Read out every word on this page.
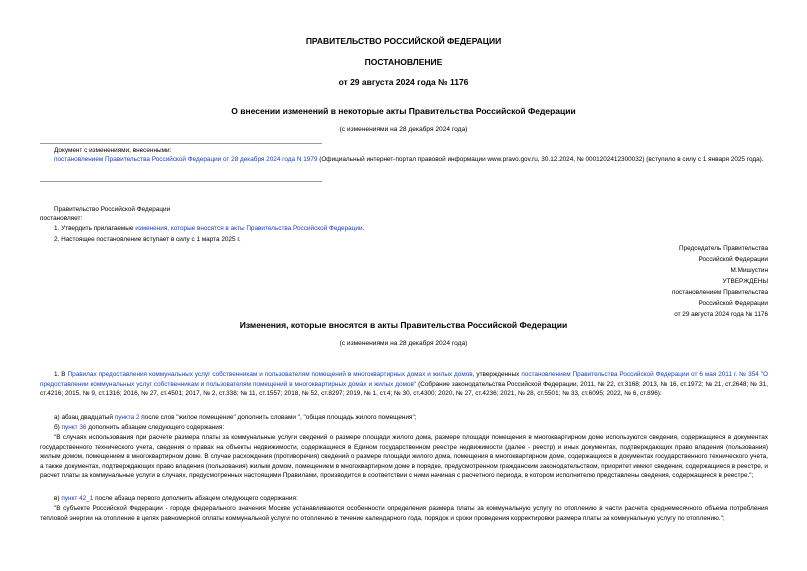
ПРАВИТЕЛЬСТВО РОССИЙСКОЙ ФЕДЕРАЦИИ
ПОСТАНОВЛЕНИЕ
от 29 августа 2024 года № 1176
О внесении изменений в некоторые акты Правительства Российской Федерации
(с изменениями на 28 декабря 2024 года)
Документ с изменениями, внесенными:
постановлением Правительства Российской Федерации от 28 декабря 2024 года N 1979 (Официальный интернет-портал правовой информации www.pravo.gov.ru, 30.12.2024, № 0001202412300032) (вступило в силу с 1 января 2025 года).
Правительство Российской Федерации
постановляет:
1. Утвердить прилагаемые изменения, которые вносятся в акты Правительства Российской Федерации.
2. Настоящее постановление вступает в силу с 1 марта 2025 г.
Председатель Правительства
Российской Федерации
М.Мишустин
УТВЕРЖДЕНЫ
постановлением Правительства
Российской Федерации
от 29 августа 2024 года № 1176
Изменения, которые вносятся в акты Правительства Российской Федерации
(с изменениями на 28 декабря 2024 года)
1. В Правилах предоставления коммунальных услуг собственникам и пользователям помещений в многоквартирных домах и жилых домов, утвержденных постановлением Правительства Российской Федерации от 6 мая 2011 г. № 354 "О предоставлении коммунальных услуг собственникам и пользователям помещений в многоквартирных домах и жилых домов" (Собрание законодательства Российской Федерации, 2011, № 22, ст.3168; 2013, № 16, ст.1972; № 21, ст.2648; № 31, ст.4216; 2015, № 9, ст.1316; 2016, № 27, ст.4501; 2017, № 2, ст.338; № 11, ст.1557; 2018, № 52, ст.8297; 2019, № 1, ст.4; № 30, ст.4300; 2020, № 27, ст.4236; 2021, № 28, ст.5501; № 33, ст.6095; 2022, № 6, ст.896):
а) абзац двадцатый пункта 2 после слов "жилое помещение" дополнить словами ", "общая площадь жилого помещения";
б) пункт 36 дополнить абзацем следующего содержания:
"В случаях использования при расчете размера платы за коммунальные услуги сведений о размере площади жилого дома, размере площади помещения в многоквартирном доме используются сведения, содержащиеся в документах государственного технического учета, сведения о правах на объекты недвижимости, содержащиеся в Едином государственном реестре недвижимости (далее - реестр) и иных документах, подтверждающих право владения (пользования) жилым домом, помещением в многоквартирном доме. В случае расхождения (противоречия) сведений о размере площади жилого дома, помещения в многоквартирном доме, содержащихся в документах государственного технического учета, а также документах, подтверждающих право владения (пользования) жилым домом, помещением в многоквартирном доме в порядке, предусмотренном гражданским законодательством, приоритет имеют сведения, содержащиеся в реестре, и расчет платы за коммунальные услуги в случаях, предусмотренных настоящими Правилами, производится в соответствии с ними начиная с расчетного периода, в котором исполнителю представлены сведения, содержащиеся в реестре.";
в) пункт 42_1 после абзаца первого дополнить абзацем следующего содержания:
"В субъекте Российской Федерации - городе федерального значения Москве устанавливаются особенности определения размера платы за коммунальную услугу по отоплению в части расчета среднемесячного объема потребления тепловой энергии на отопление в целях равномерной оплаты коммунальной услуги по отоплению в течение календарного года, порядок и сроки проведения корректировки размера платы за коммунальную услугу по отоплению.";
